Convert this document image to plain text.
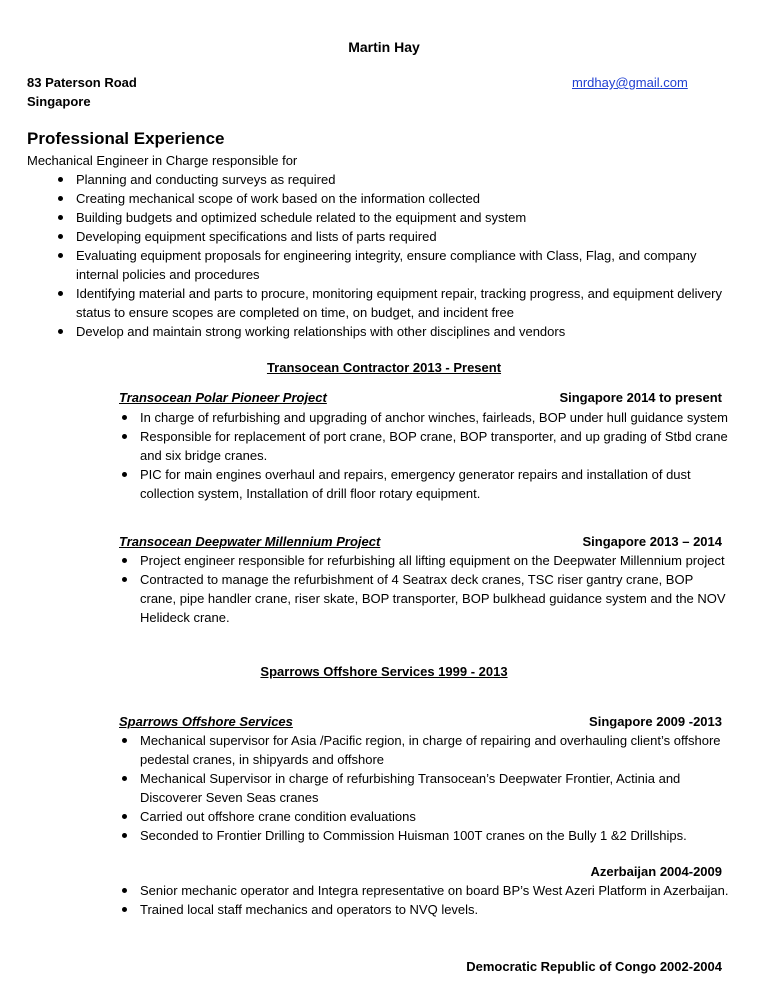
Martin Hay
83 Paterson Road
Singapore
mrdhay@gmail.com
Professional Experience
Mechanical Engineer in Charge responsible for
Planning and conducting surveys as required
Creating mechanical scope of work based on the information collected
Building budgets and optimized schedule related to the equipment and system
Developing equipment specifications and lists of parts required
Evaluating equipment proposals for engineering integrity, ensure compliance with Class, Flag, and company internal policies and procedures
Identifying material and parts to procure, monitoring equipment repair, tracking progress, and equipment delivery status to ensure scopes are completed on time, on budget, and incident free
Develop and maintain strong working relationships with other disciplines and vendors
Transocean Contractor 2013 - Present
Transocean Polar Pioneer Project	Singapore 2014 to present
In charge of refurbishing and upgrading of anchor winches, fairleads, BOP under hull guidance system
Responsible for replacement of port crane, BOP crane, BOP transporter, and up grading of Stbd crane and six bridge cranes.
PIC for main engines overhaul and repairs, emergency generator repairs and installation of dust collection system, Installation of drill floor rotary equipment.
Transocean Deepwater Millennium Project	Singapore 2013 – 2014
Project engineer responsible for refurbishing all lifting equipment on the Deepwater Millennium project
Contracted to manage the refurbishment of 4 Seatrax deck cranes, TSC riser gantry crane, BOP crane, pipe handler crane, riser skate, BOP transporter, BOP bulkhead guidance system and the NOV Helideck crane.
Sparrows Offshore Services 1999 - 2013
Sparrows Offshore Services	Singapore 2009 -2013
Mechanical supervisor for Asia /Pacific region, in charge of repairing and overhauling client’s offshore pedestal cranes, in shipyards and offshore
Mechanical Supervisor in charge of refurbishing Transocean’s Deepwater Frontier, Actinia and Discoverer Seven Seas cranes
Carried out offshore crane condition evaluations
Seconded to Frontier Drilling to Commission Huisman 100T cranes on the Bully 1 &2 Drillships.
Azerbaijan 2004-2009
Senior mechanic operator and Integra representative on board BP’s West Azeri Platform in Azerbaijan.
Trained local staff mechanics and operators to NVQ levels.
Democratic Republic of Congo 2002-2004
